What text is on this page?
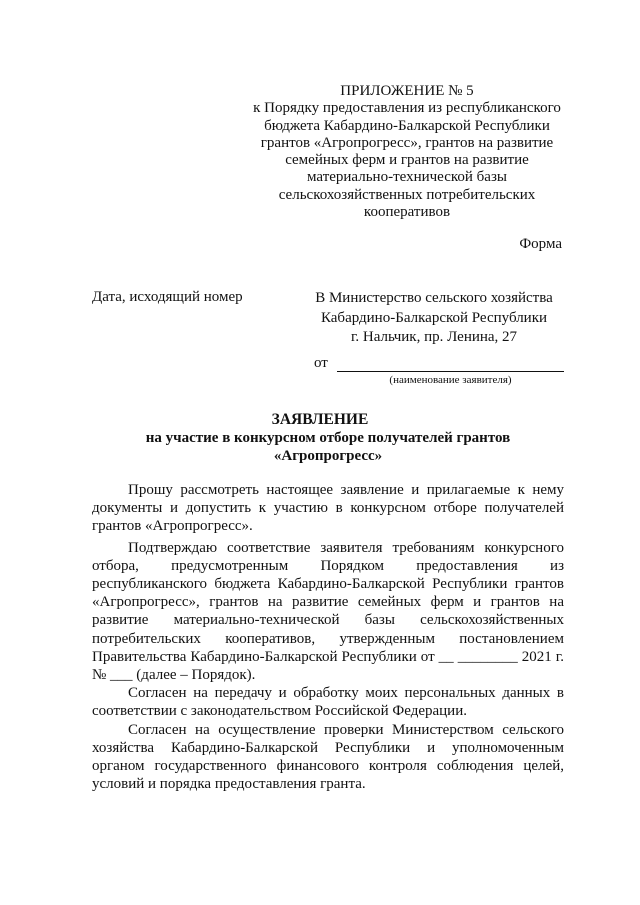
ПРИЛОЖЕНИЕ № 5
к Порядку предоставления из республиканского
бюджета Кабардино-Балкарской Республики
грантов «Агропрогресс», грантов на развитие
семейных ферм и грантов на развитие
материально-технической базы
сельскохозяйственных потребительских
кооперативов
Форма
Дата, исходящий номер	В Министерство сельского хозяйства
Кабардино-Балкарской Республики
г. Нальчик, пр. Ленина, 27
от
(наименование заявителя)
ЗАЯВЛЕНИЕ
на участие в конкурсном отборе получателей грантов
«Агропрогресс»

Прошу рассмотреть настоящее заявление и прилагаемые к нему документы и допустить к участию в конкурсном отборе получателей грантов «Агропрогресс».

Подтверждаю соответствие заявителя требованиям конкурсного отбора, предусмотренным Порядком предоставления из республиканского бюджета Кабардино-Балкарской Республики грантов «Агропрогресс», грантов на развитие семейных ферм и грантов на развитие материально-технической базы сельскохозяйственных потребительских кооперативов, утвержденным постановлением Правительства Кабардино-Балкарской Республики от __ ________ 2021 г. № ___ (далее – Порядок).

Согласен на передачу и обработку моих персональных данных в соответствии с законодательством Российской Федерации.

Согласен на осуществление проверки Министерством сельского хозяйства Кабардино-Балкарской Республики и уполномоченным органом государственного финансового контроля соблюдения целей, условий и порядка предоставления гранта.
